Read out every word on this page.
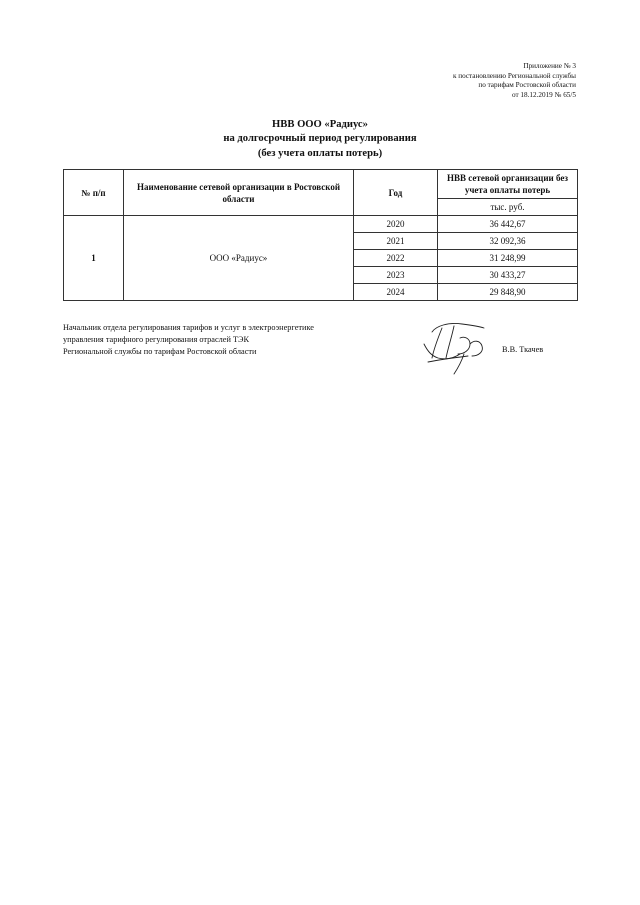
Приложение № 3
к постановлению Региональной службы
по тарифам Ростовской области
от 18.12.2019 № 65/5
НВВ ООО «Радиус»
на долгосрочный период регулирования
(без учета оплаты потерь)
№ п/п	Наименование сетевой организации в Ростовской области	Год	НВВ сетевой организации без учета оплаты потерь
			тыс. руб.
1	ООО «Радиус»	2020	36 442,67
		2021	32 092,36
		2022	31 248,99
		2023	30 433,27
		2024	29 848,90
Начальник отдела регулирования тарифов и услуг в электроэнергетике
управления тарифного регулирования отраслей ТЭК
Региональной службы по тарифам Ростовской области	В.В. Ткачев
